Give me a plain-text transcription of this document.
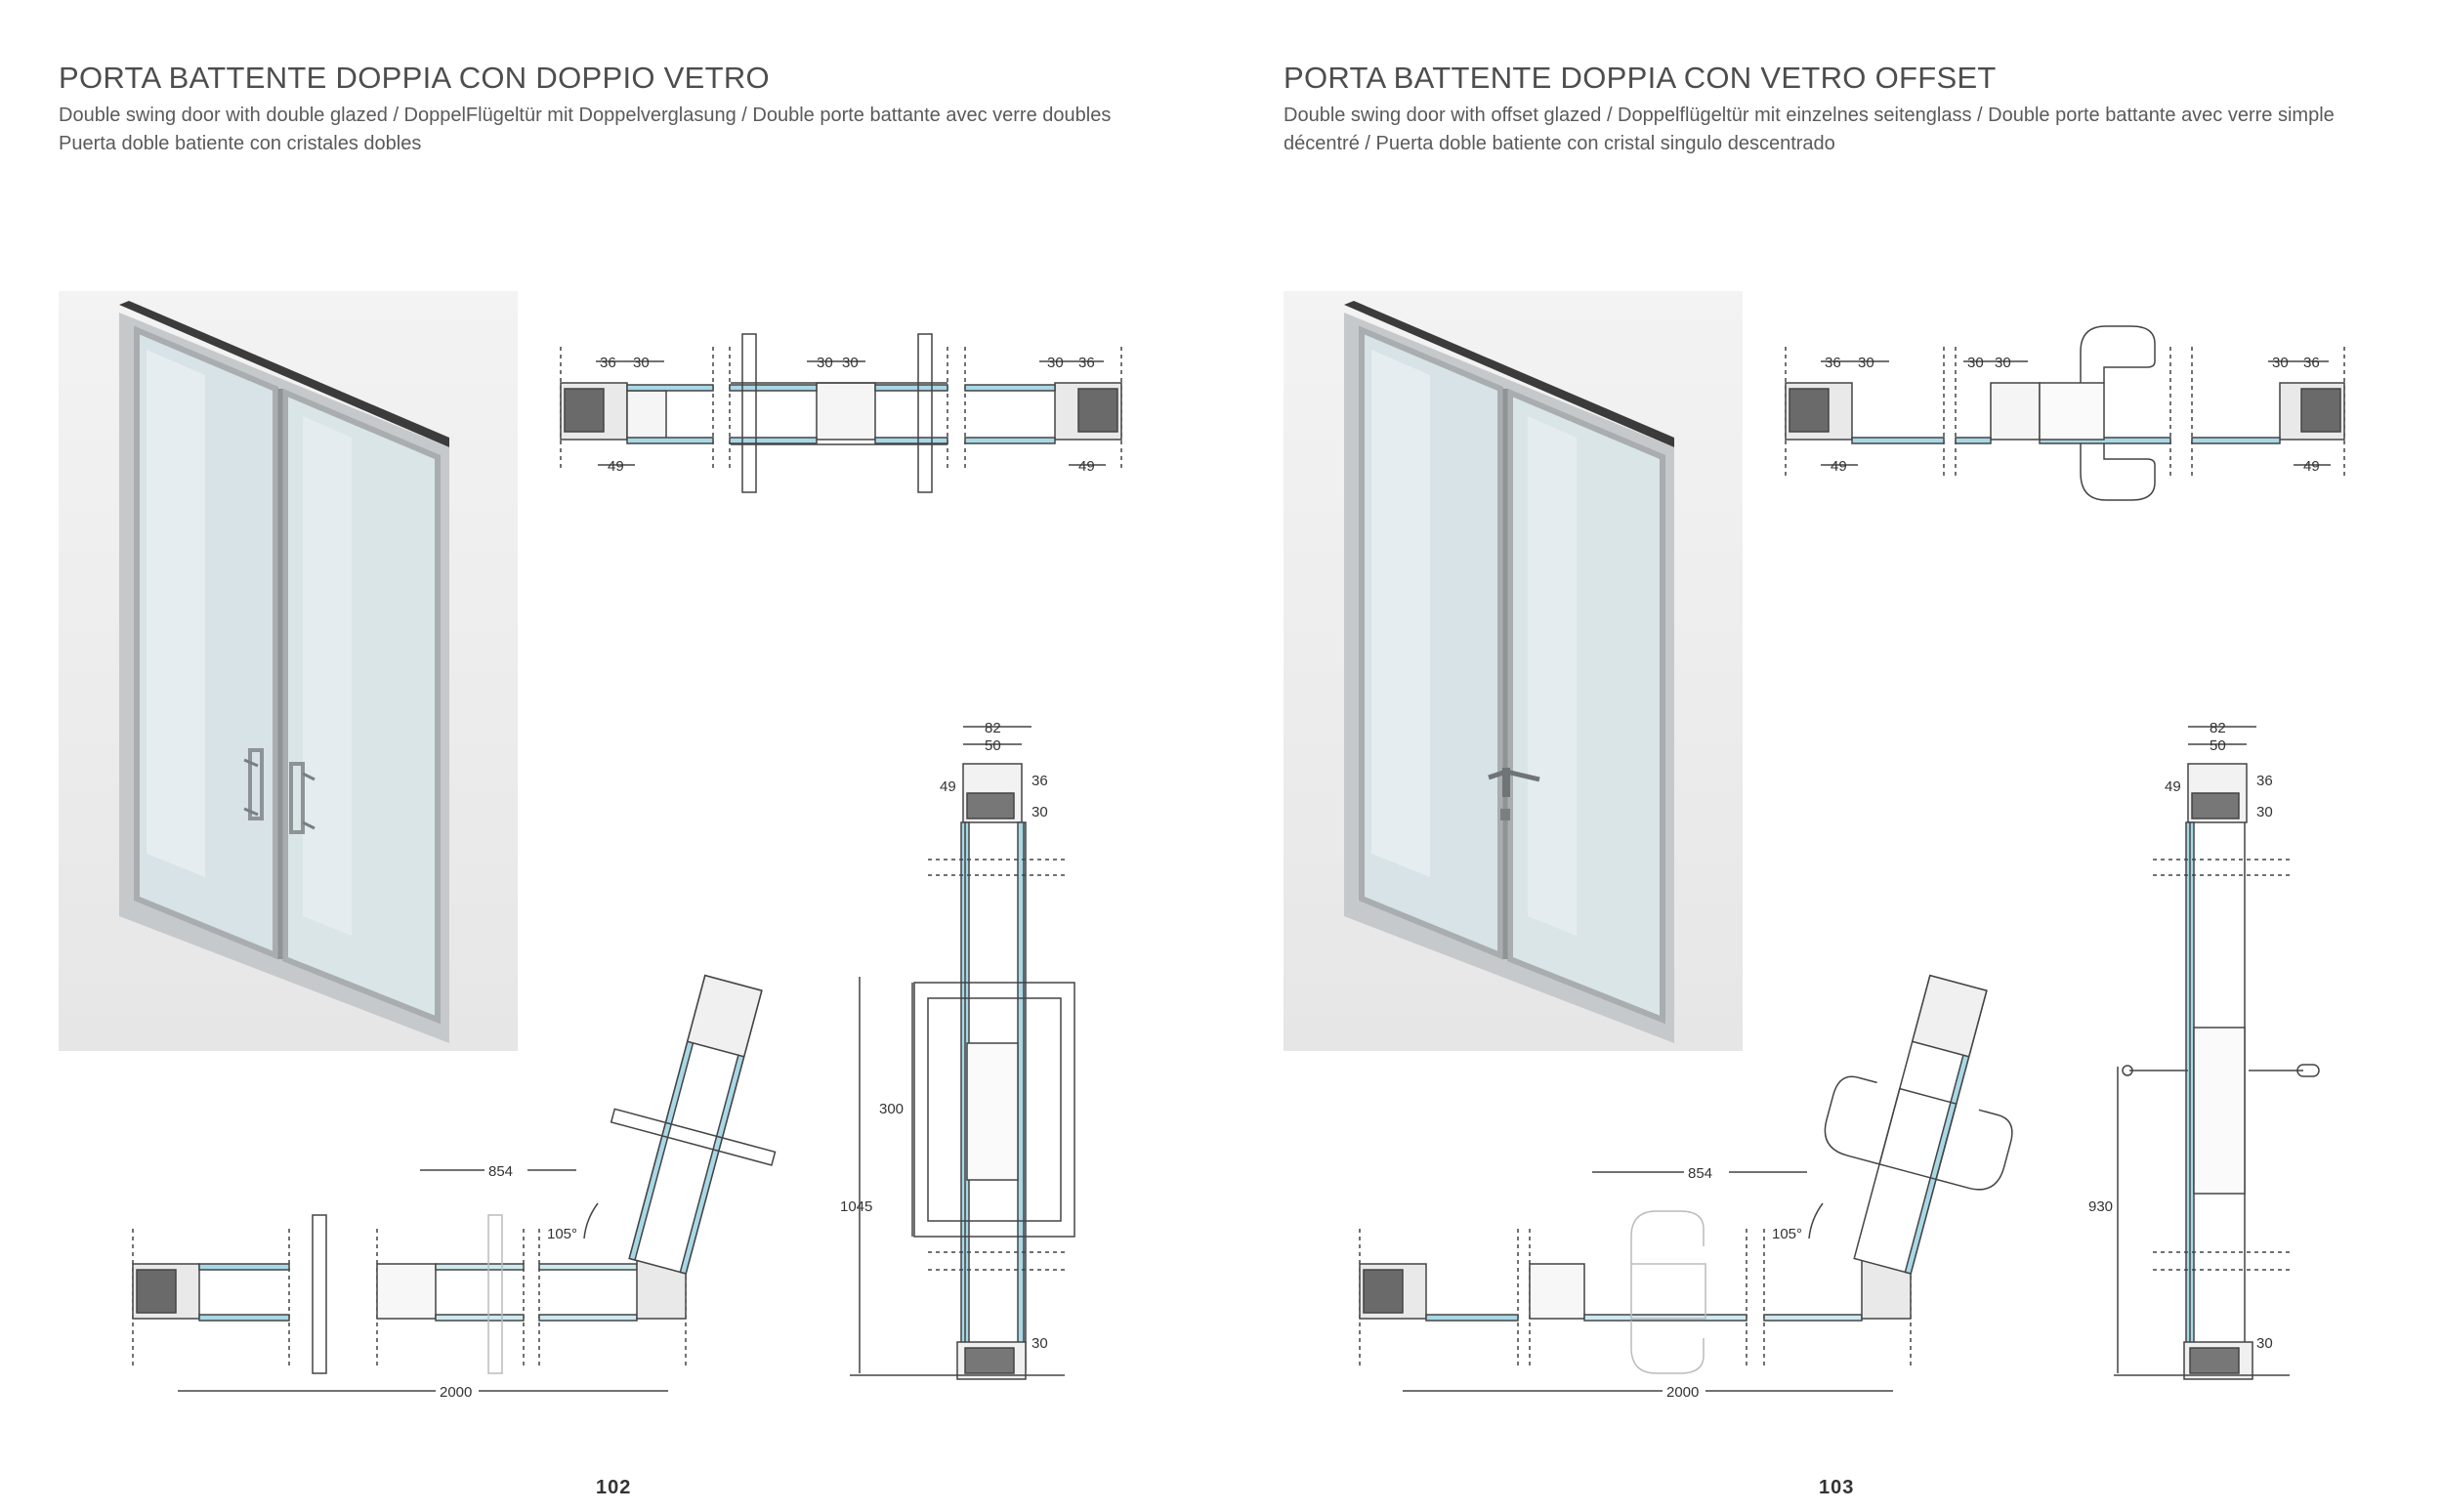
PORTA BATTENTE DOPPIA CON DOPPIO VETRO
Double swing door with double glazed / DoppelFlügeltür mit Doppelverglasung / Double porte battante avec verre doubles
Puerta doble batiente con cristales dobles
36 30	30 30	30 36
49	49
82
50
49	36
30
30
300
1045
854
105°
2000
102
PORTA BATTENTE DOPPIA CON VETRO OFFSET
Double swing door with offset glazed / Doppelflügeltür mit einzelnes seitenglass / Double porte battante avec verre simple
décentré / Puerta doble batiente con cristal singulo descentrado
36 30	30 30	30 36
49	49
82
50
49	36
30
30
930
854
105°
2000
103
